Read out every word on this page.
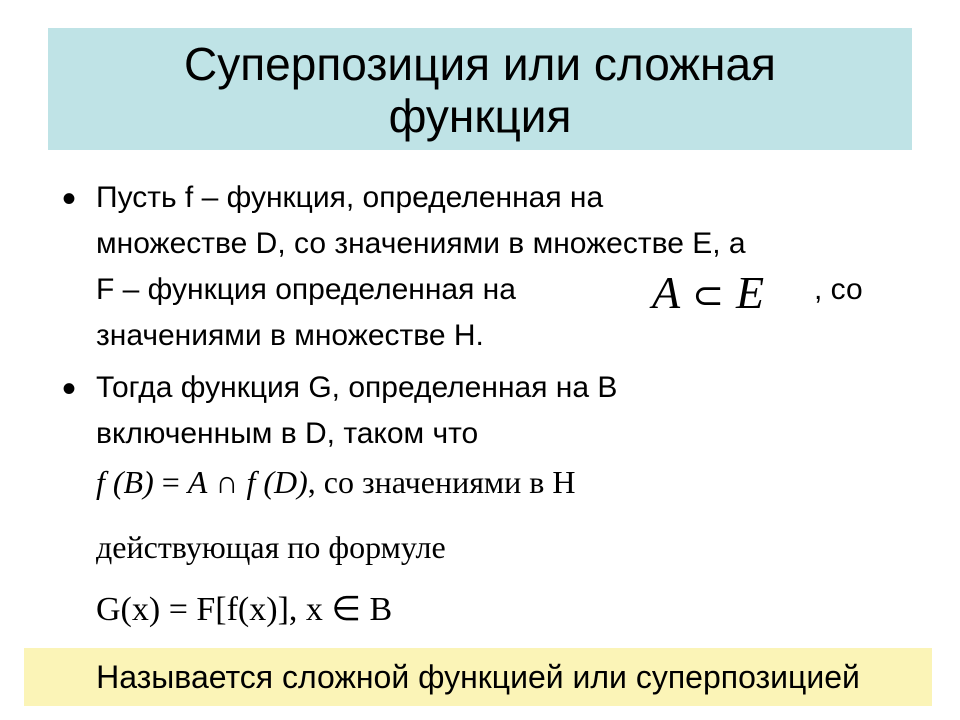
Суперпозиция или сложная
функция
• Пусть f – функция, определенная на
множестве D, со значениями в множестве E, а
F – функция определенная на	, со
значениями в множестве H.
A ⊂ E
• Тогда функция G, определенная на B
включенным в D, таком что
f (B) = A ∩ f (D), со значениями в Н
действующая по формуле
G(x) = F[f(x)], x ∈ B
Называется сложной функцией или суперпозицией
